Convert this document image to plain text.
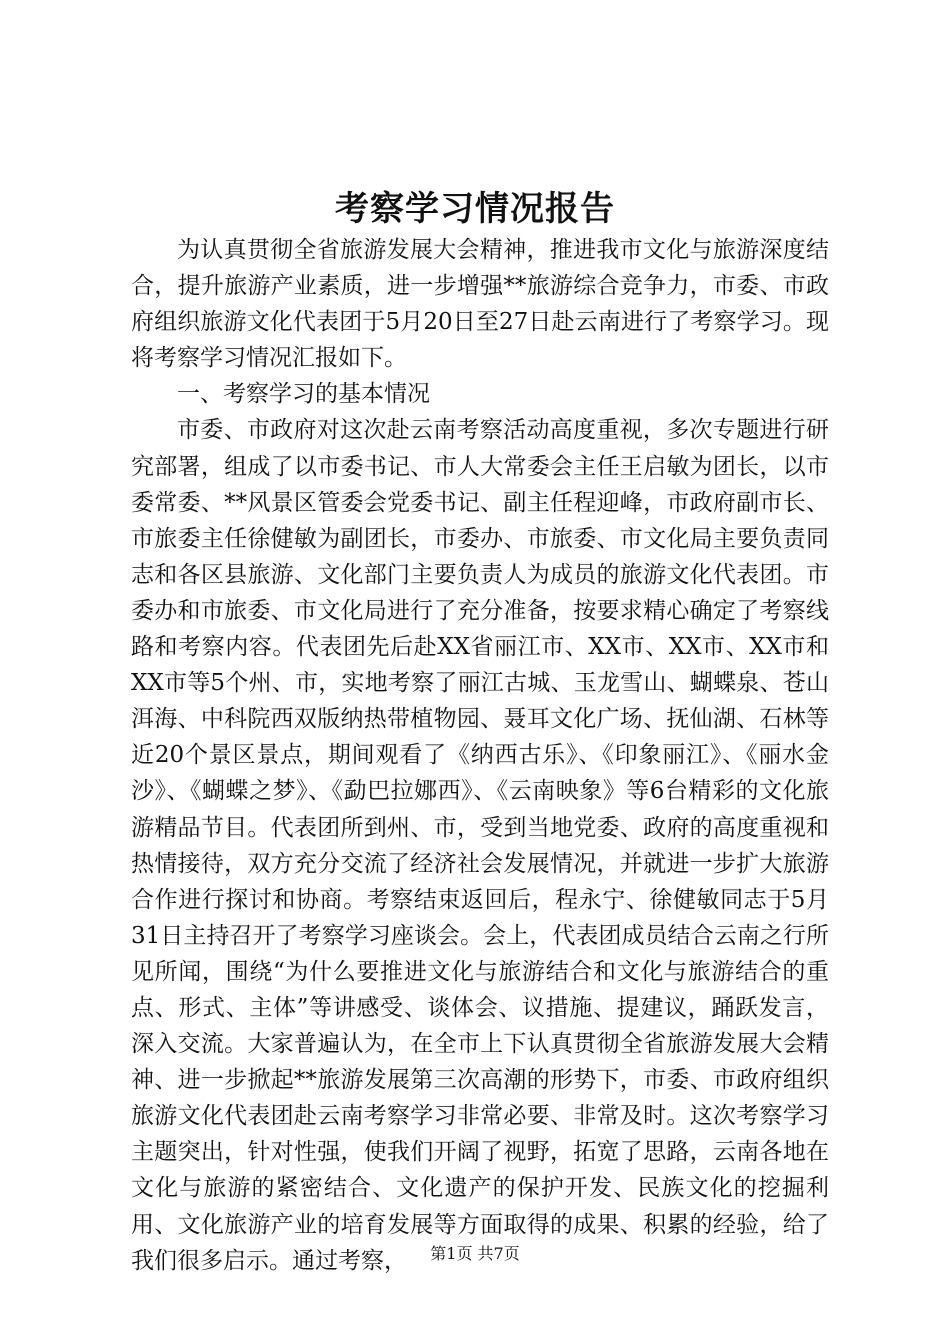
考察学习情况报告

为认真贯彻全省旅游发展大会精神，推进我市文化与旅游深度结合，提升旅游产业素质，进一步增强**旅游综合竞争力，市委、市政府组织旅游文化代表团于5月20日至27日赴云南进行了考察学习。现将考察学习情况汇报如下。

一、考察学习的基本情况

市委、市政府对这次赴云南考察活动高度重视，多次专题进行研究部署，组成了以市委书记、市人大常委会主任王启敏为团长，以市委常委、**风景区管委会党委书记、副主任程迎峰，市政府副市长、市旅委主任徐健敏为副团长，市委办、市旅委、市文化局主要负责同志和各区县旅游、文化部门主要负责人为成员的旅游文化代表团。市委办和市旅委、市文化局进行了充分准备，按要求精心确定了考察线路和考察内容。代表团先后赴XX省丽江市、XX市、XX市、XX市和XX市等5个州、市，实地考察了丽江古城、玉龙雪山、蝴蝶泉、苍山洱海、中科院西双版纳热带植物园、聂耳文化广场、抚仙湖、石林等近20个景区景点，期间观看了《纳西古乐》、《印象丽江》、《丽水金沙》、《蝴蝶之梦》、《勐巴拉娜西》、《云南映象》等6台精彩的文化旅游精品节目。代表团所到州、市，受到当地党委、政府的高度重视和热情接待，双方充分交流了经济社会发展情况，并就进一步扩大旅游合作进行探讨和协商。考察结束返回后，程永宁、徐健敏同志于5月31日主持召开了考察学习座谈会。会上，代表团成员结合云南之行所见所闻，围绕“为什么要推进文化与旅游结合和文化与旅游结合的重点、形式、主体”等讲感受、谈体会、议措施、提建议，踊跃发言，深入交流。大家普遍认为，在全市上下认真贯彻全省旅游发展大会精神、进一步掀起**旅游发展第三次高潮的形势下，市委、市政府组织旅游文化代表团赴云南考察学习非常必要、非常及时。这次考察学习主题突出，针对性强，使我们开阔了视野，拓宽了思路，云南各地在文化与旅游的紧密结合、文化遗产的保护开发、民族文化的挖掘利用、文化旅游产业的培育发展等方面取得的成果、积累的经验，给了我们很多启示。通过考察，	第1页 共7页
